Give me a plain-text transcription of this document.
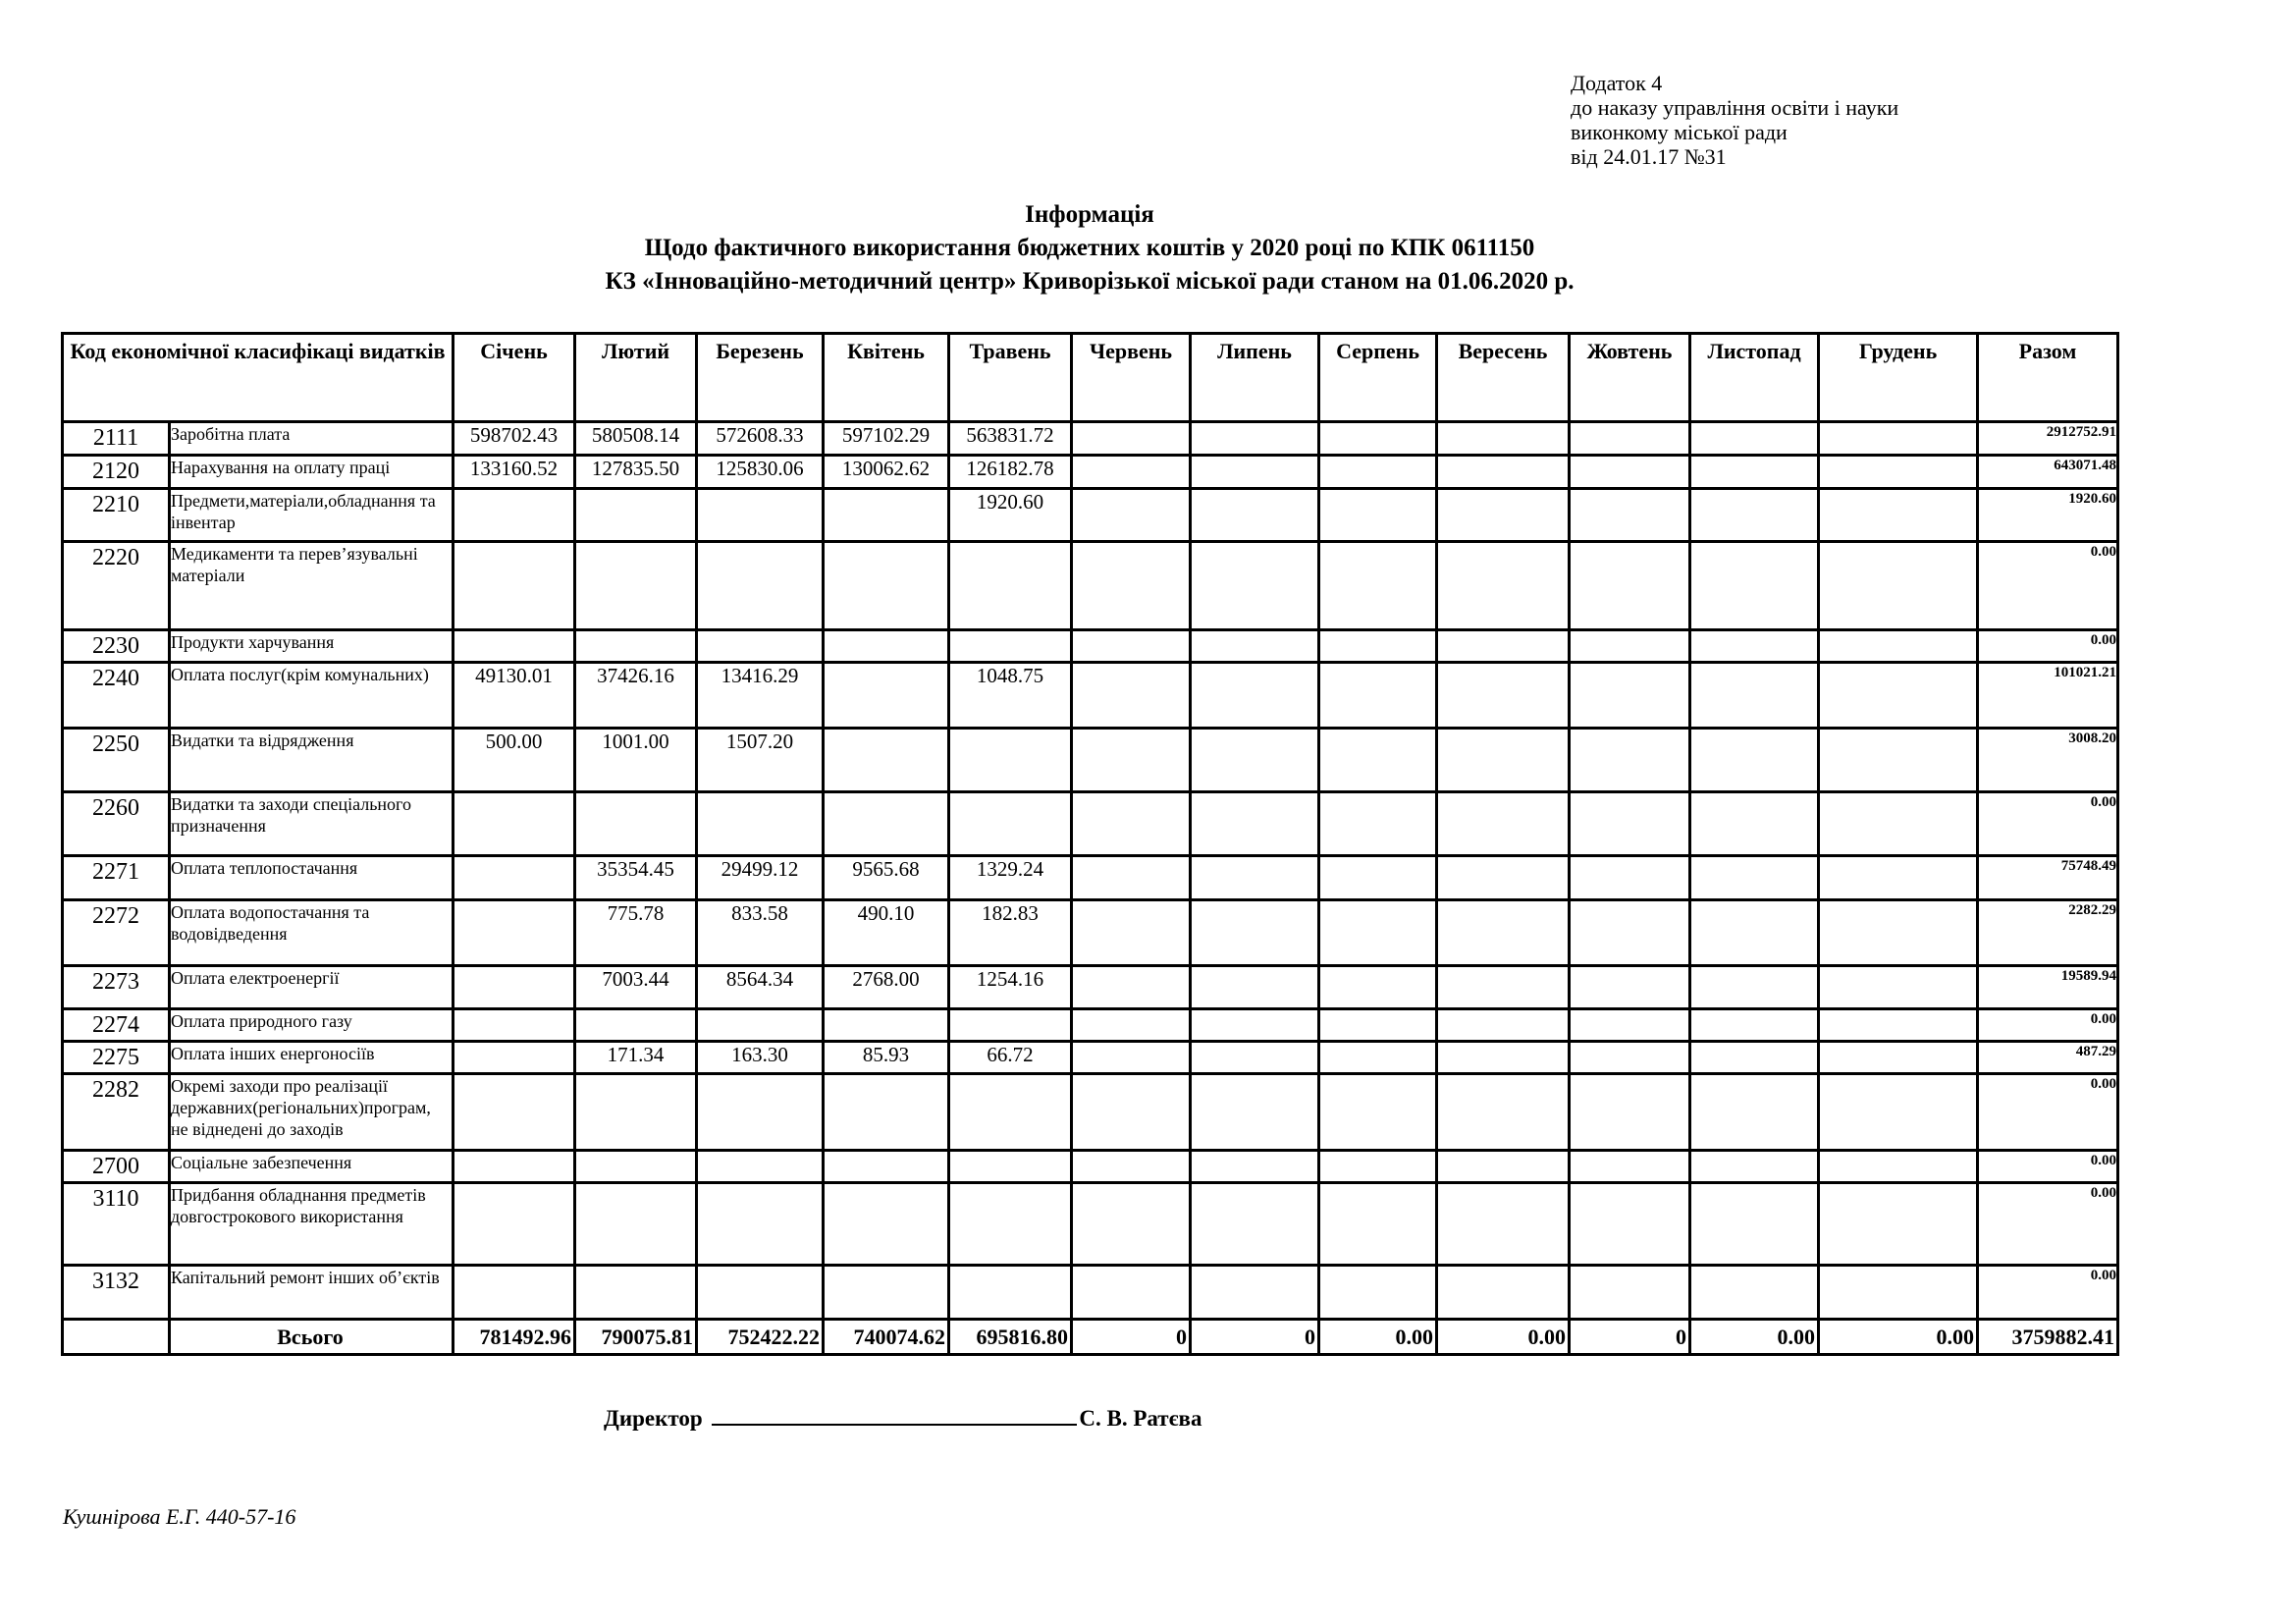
Додаток 4
до наказу управління освіти і науки
виконкому міської ради
від 24.01.17 №31
Інформація
Щодо фактичного використання бюджетних коштів у 2020 році по КПК 0611150
КЗ «Інноваційно-методичний центр» Криворізької міської ради станом на 01.06.2020 р.
Код економічної класифікаці видатків		Січень	Лютий	Березень	Квітень	Травень	Червень	Липень	Серпень	Вересень	Жовтень	Листопад	Грудень	Разом
2111	Заробітна плата	598702.43	580508.14	572608.33	597102.29	563831.72								2912752.91
2120	Нарахування на оплату праці	133160.52	127835.50	125830.06	130062.62	126182.78								643071.48
2210	Предмети,матеріали,обладнання та інвентар					1920.60								1920.60
2220	Медикаменти та перев’язувальні матеріали													0.00
2230	Продукти харчування													0.00
2240	Оплата послуг(крім комунальних)	49130.01	37426.16	13416.29		1048.75								101021.21
2250	Видатки та відрядження	500.00	1001.00	1507.20										3008.20
2260	Видатки та заходи спеціального призначення													0.00
2271	Оплата теплопостачання		35354.45	29499.12	9565.68	1329.24								75748.49
2272	Оплата водопостачання та водовідведення		775.78	833.58	490.10	182.83								2282.29
2273	Оплата електроенергії		7003.44	8564.34	2768.00	1254.16								19589.94
2274	Оплата природного газу													0.00
2275	Оплата інших енергоносіїв		171.34	163.30	85.93	66.72								487.29
2282	Окремі заходи про реалізації державних(регіональних)програм, не віднедені до заходів													0.00
2700	Соціальне забезпечення													0.00
3110	Придбання обладнання предметів довгострокового використання													0.00
3132	Капітальний ремонт інших об’єктів													0.00
	Всього	781492.96	790075.81	752422.22	740074.62	695816.80	0	0	0.00	0.00	0	0.00	0.00	3759882.41
Директор	С. В. Ратєва
Кушнірова Е.Г. 440-57-16
